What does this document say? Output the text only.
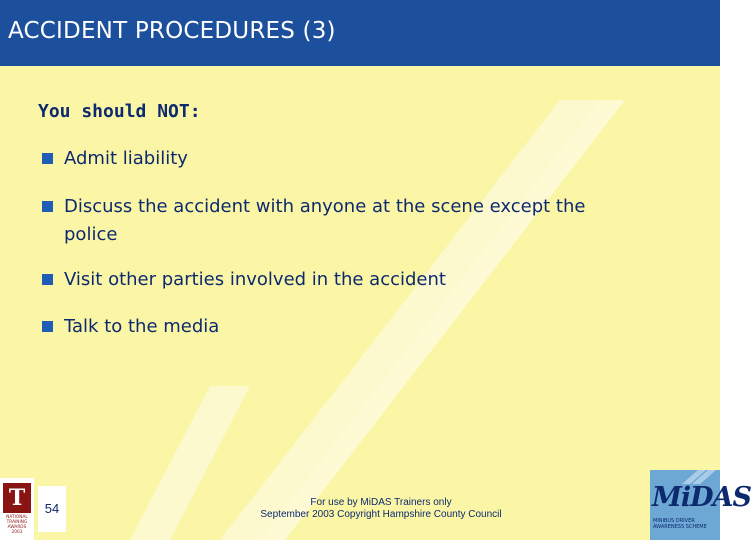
ACCIDENT PROCEDURES (3)
You should NOT:
Admit liability
Discuss the accident with anyone at the scene except the police
Visit other parties involved in the accident
Talk to the media
T
NATIONAL TRAINING AWARDS 2003
54	For use by MiDAS Trainers only
September 2003 Copyright Hampshire County Council
MiDAS
MINIBUS DRIVER AWARENESS SCHEME
